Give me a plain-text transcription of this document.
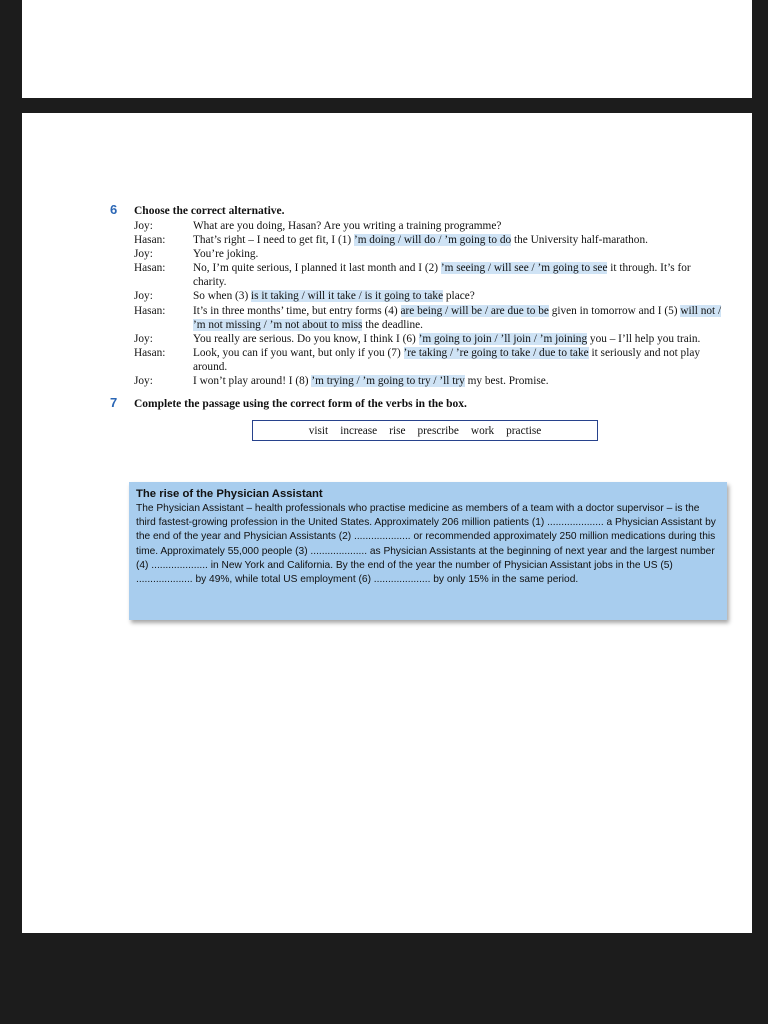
6 Choose the correct alternative.
Joy:	What are you doing, Hasan? Are you writing a training programme?
Hasan:	That’s right – I need to get fit, I (1) ’m doing / will do / ’m going to do the University half-marathon.
Joy:	You’re joking.
Hasan:	No, I’m quite serious, I planned it last month and I (2) ’m seeing / will see / ’m going to see it through. It’s for charity.
Joy:	So when (3) is it taking / will it take / is it going to take place?
Hasan:	It’s in three months’ time, but entry forms (4) are being / will be / are due to be given in tomorrow and I (5) will not / ’m not missing / ’m not about to miss the deadline.
Joy:	You really are serious. Do you know, I think I (6) ’m going to join / ’ll join / ’m joining you – I’ll help you train.
Hasan:	Look, you can if you want, but only if you (7) ’re taking / ’re going to take / due to take it seriously and not play around.
Joy:	I won’t play around! I (8) ’m trying / ’m going to try / ’ll try my best. Promise.
7 Complete the passage using the correct form of the verbs in the box.
visit increase rise prescribe work practise
The rise of the Physician Assistant
The Physician Assistant – health professionals who practise medicine as members of a team with a doctor supervisor – is the third fastest-growing profession in the United States. Approximately 206 million patients (1) .................... a Physician Assistant by the end of the year and Physician Assistants (2) .................... or recommended approximately 250 million medications during this time. Approximately 55,000 people (3) .................... as Physician Assistants at the beginning of next year and the largest number (4) .................... in New York and California. By the end of the year the number of Physician Assistant jobs in the US (5) .................... by 49%, while total US employment (6) .................... by only 15% in the same period.
